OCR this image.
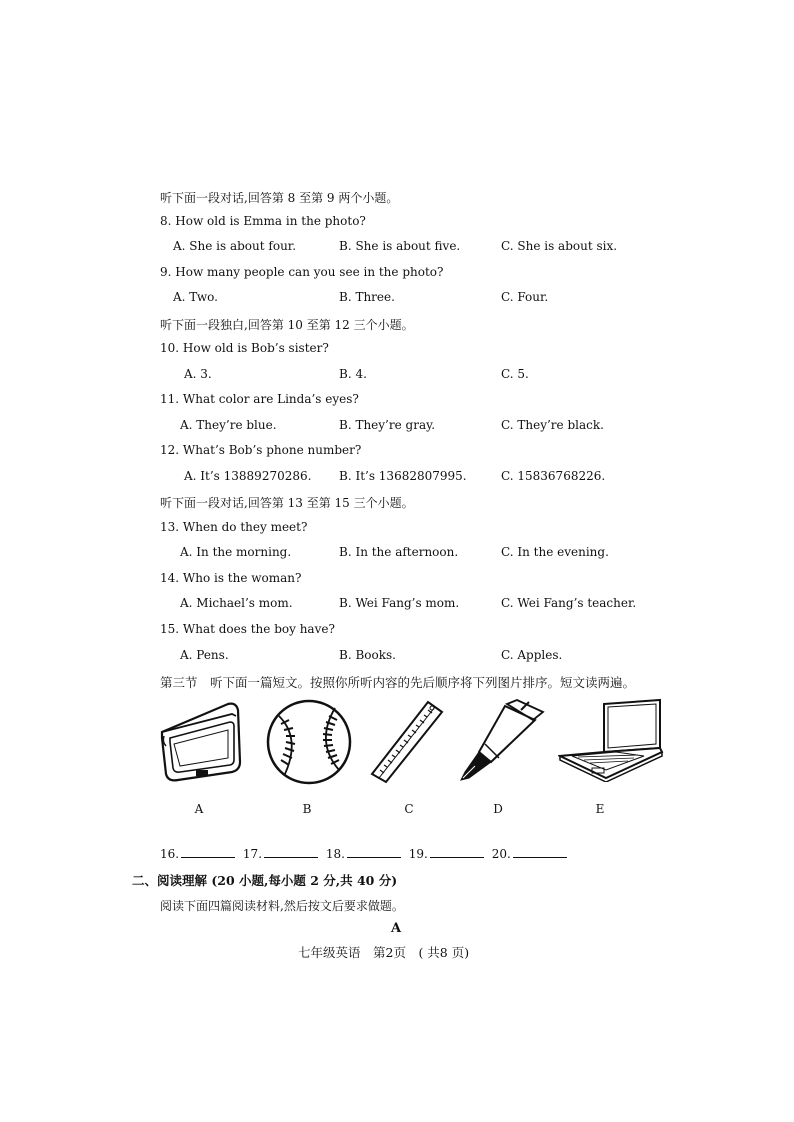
听下面一段对话,回答第 8 至第 9 两个小题。
8. How old is Emma in the photo?
A. She is about four.	B. She is about five.	C. She is about six.
9. How many people can you see in the photo?
A. Two.	B. Three.	C. Four.
听下面一段独白,回答第 10 至第 12 三个小题。
10. How old is Bob’s sister?
A. 3.	B. 4.	C. 5.
11. What color are Linda’s eyes?
A. They’re blue.	B. They’re gray.	C. They’re black.
12. What’s Bob’s phone number?
A. It’s 13889270286. B. It’s 13682807995.	C. 15836768226.
听下面一段对话,回答第 13 至第 15 三个小题。
13. When do they meet?
A. In the morning.	B. In the afternoon.	C. In the evening.
14. Who is the woman?
A. Michael’s mom.	B. Wei Fang’s mom.	C. Wei Fang’s teacher.
15. What does the boy have?
A. Pens.	B. Books.	C. Apples.
第三节　听下面一篇短文。按照你所听内容的先后顺序将下列图片排序。短文读两遍。
A	B	C	D	E
16.	17.	18.	19.	20.
二、阅读理解 (20 小题,每小题 2 分,共 40 分)
阅读下面四篇阅读材料,然后按文后要求做题。
A
七年级英语　第2页　( 共8 页)
